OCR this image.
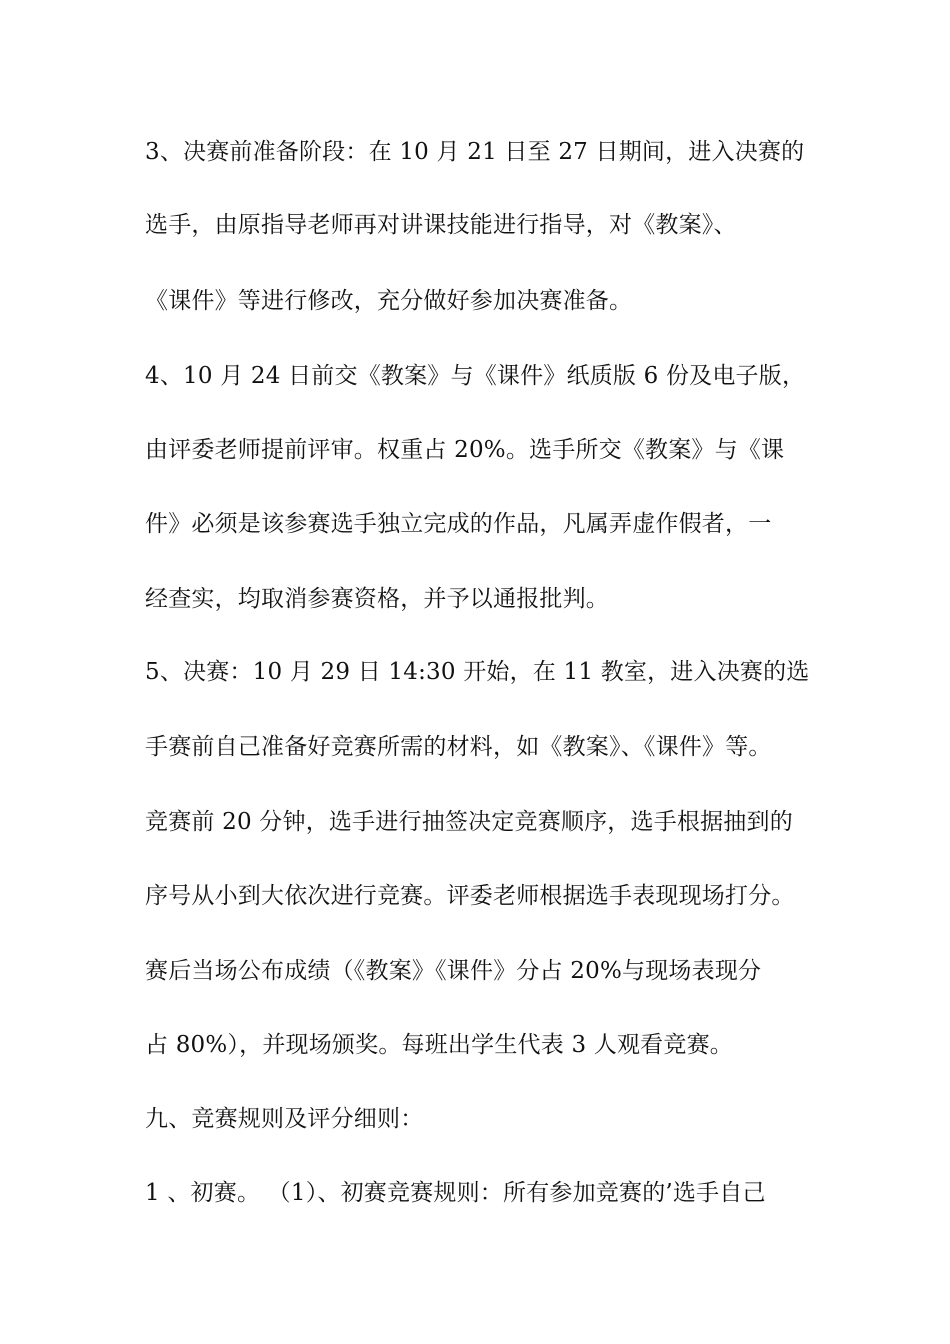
3、决赛前准备阶段：在 10 月 21 日至 27 日期间，进入决赛的
选手，由原指导老师再对讲课技能进行指导，对《教案》、
《课件》等进行修改，充分做好参加决赛准备。
4、10 月 24 日前交《教案》与《课件》纸质版 6 份及电子版，
由评委老师提前评审。权重占 20%。选手所交《教案》与《课
件》必须是该参赛选手独立完成的作品，凡属弄虚作假者，一
经查实，均取消参赛资格，并予以通报批判。
5、决赛：10 月 29 日 14:30 开始，在 11 教室，进入决赛的选
手赛前自己准备好竞赛所需的材料，如《教案》、《课件》等。
竞赛前 20 分钟，选手进行抽签决定竞赛顺序，选手根据抽到的
序号从小到大依次进行竞赛。评委老师根据选手表现现场打分。
赛后当场公布成绩（《教案》《课件》分占 20%与现场表现分
占 80%），并现场颁奖。每班出学生代表 3 人观看竞赛。
九、竞赛规则及评分细则：
1 、初赛。 （1）、初赛竞赛规则：所有参加竞赛的’选手自己
